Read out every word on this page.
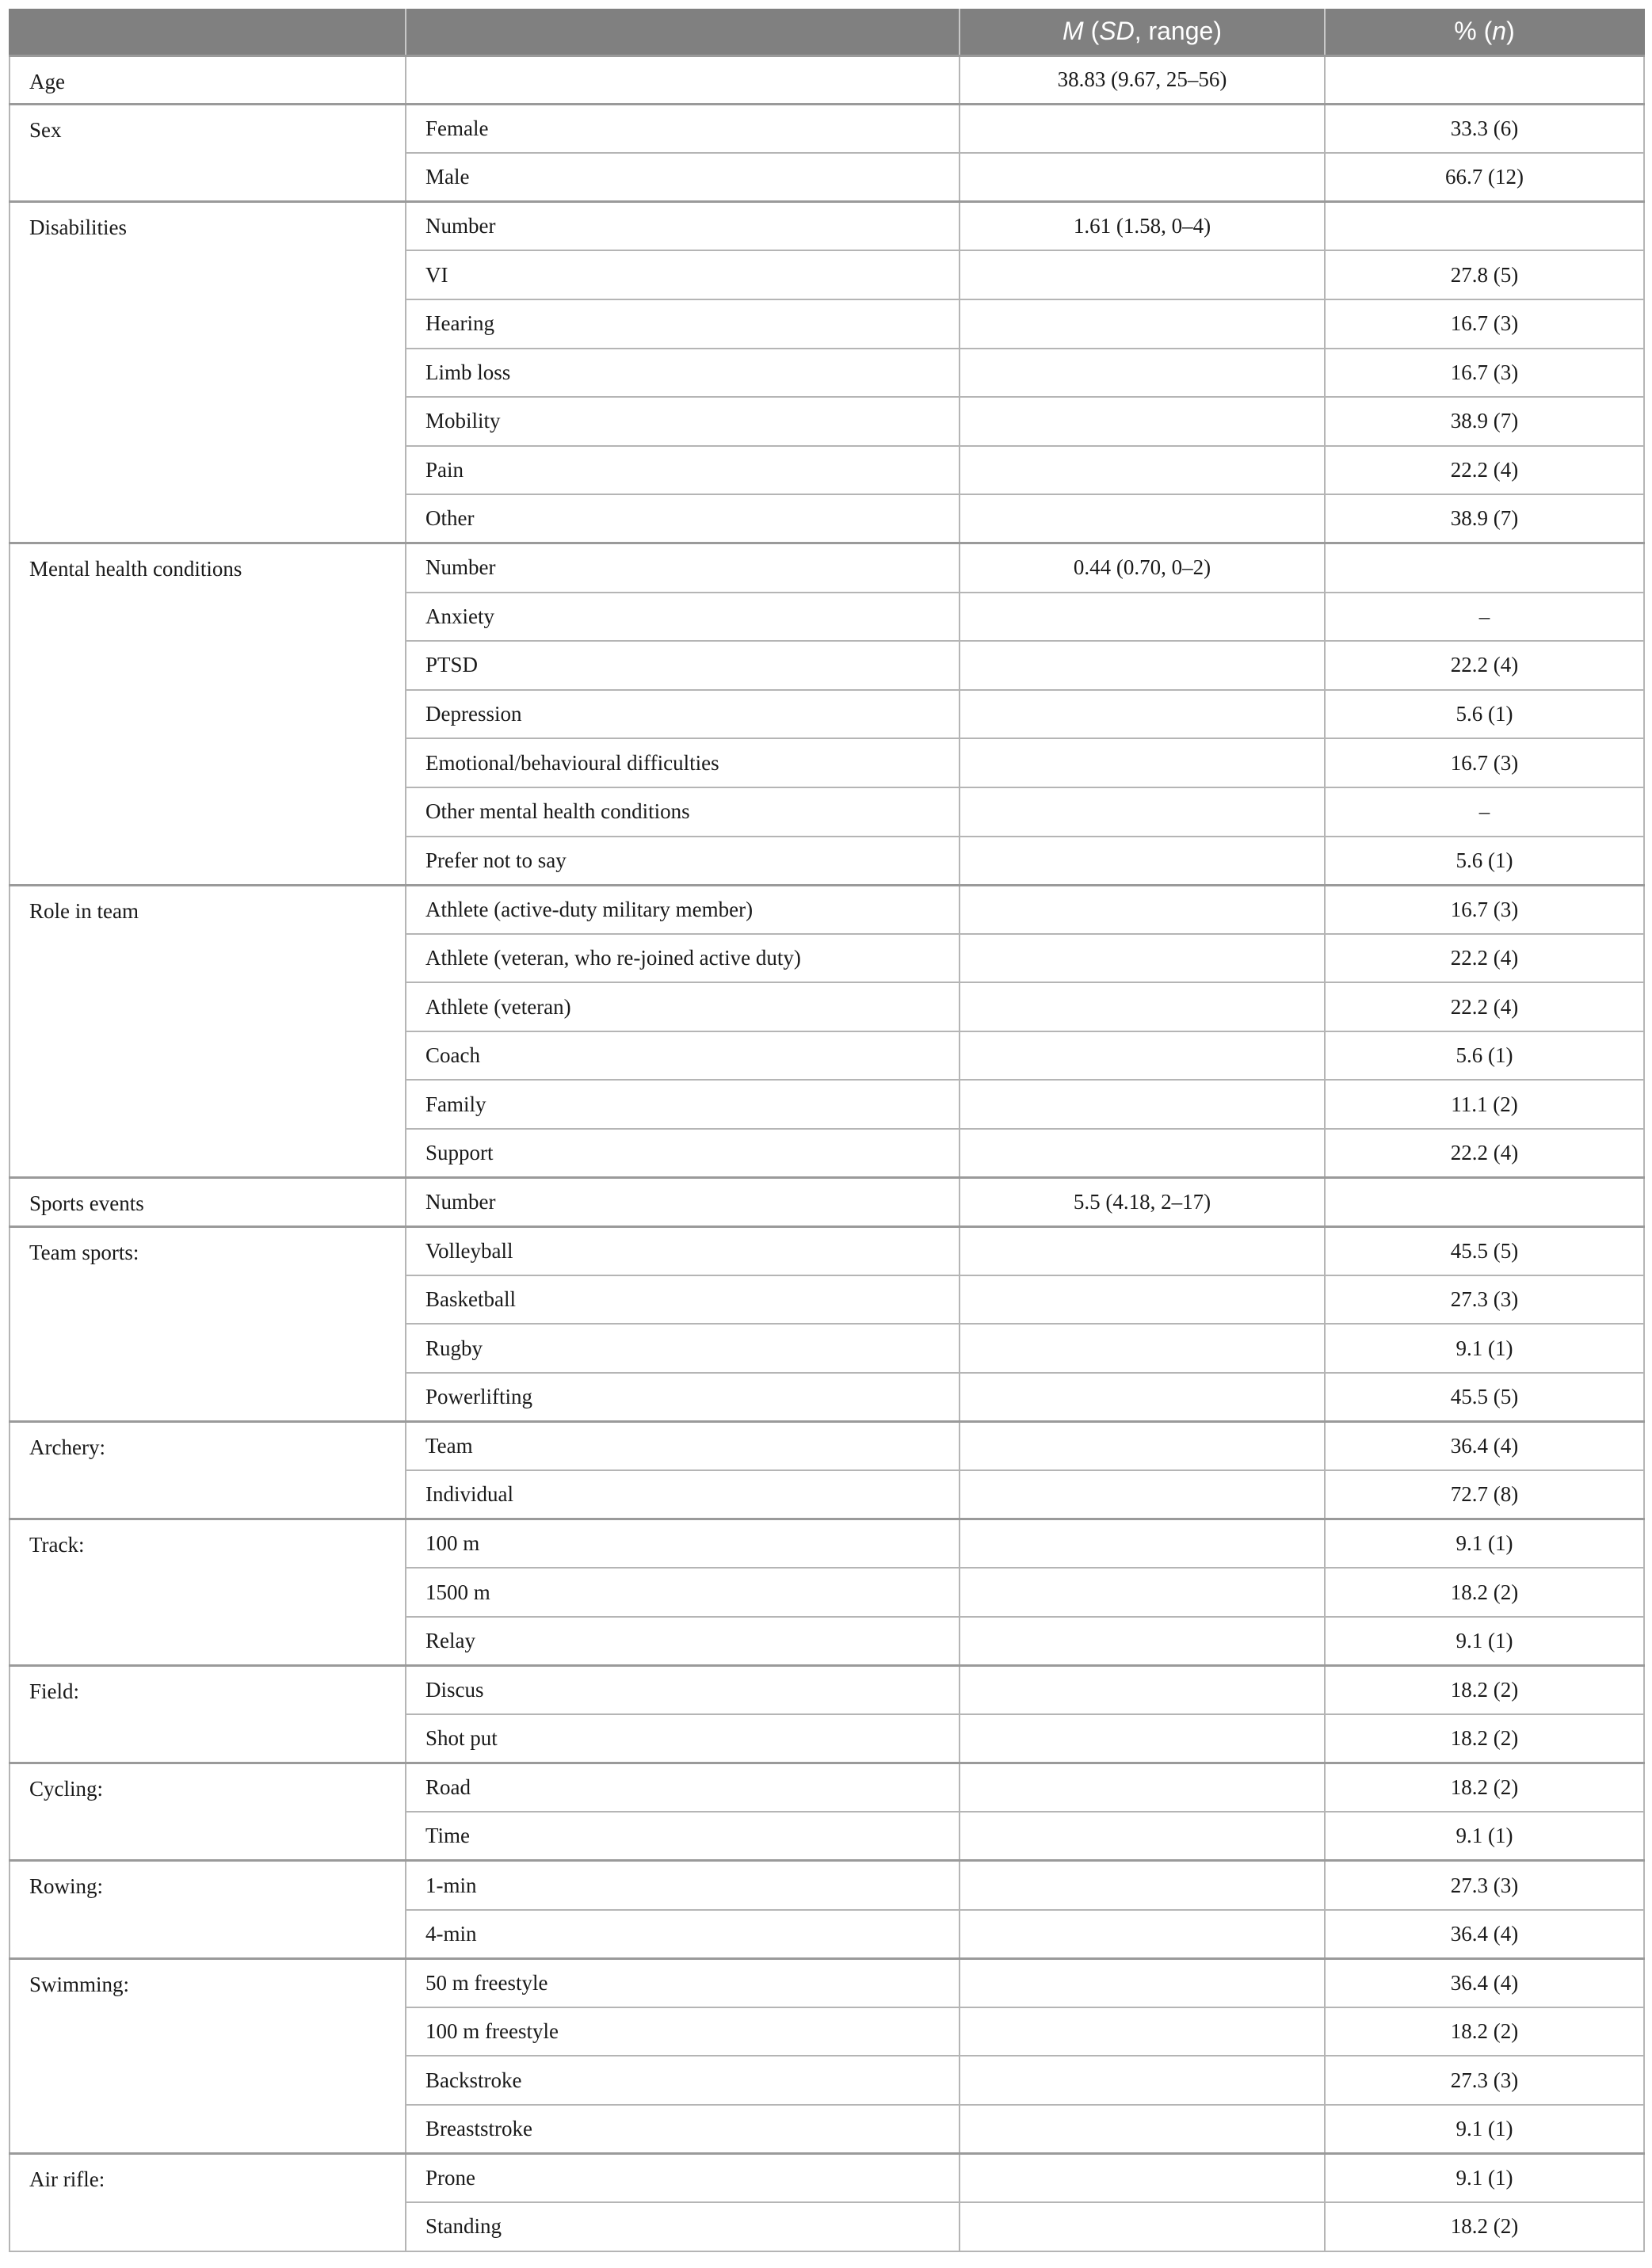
		M (SD, range)	% (n)
Age		38.83 (9.67, 25–56)	
Sex	Female		33.3 (6)
	Male		66.7 (12)
Disabilities	Number	1.61 (1.58, 0–4)	
	VI		27.8 (5)
	Hearing		16.7 (3)
	Limb loss		16.7 (3)
	Mobility		38.9 (7)
	Pain		22.2 (4)
	Other		38.9 (7)
Mental health conditions	Number	0.44 (0.70, 0–2)	
	Anxiety		–
	PTSD		22.2 (4)
	Depression		5.6 (1)
	Emotional/behavioural difficulties		16.7 (3)
	Other mental health conditions		–
	Prefer not to say		5.6 (1)
Role in team	Athlete (active-duty military member)		16.7 (3)
	Athlete (veteran, who re-joined active duty)		22.2 (4)
	Athlete (veteran)		22.2 (4)
	Coach		5.6 (1)
	Family		11.1 (2)
	Support		22.2 (4)
Sports events	Number	5.5 (4.18, 2–17)	
Team sports:	Volleyball		45.5 (5)
	Basketball		27.3 (3)
	Rugby		9.1 (1)
	Powerlifting		45.5 (5)
Archery:	Team		36.4 (4)
	Individual		72.7 (8)
Track:	100 m		9.1 (1)
	1500 m		18.2 (2)
	Relay		9.1 (1)
Field:	Discus		18.2 (2)
	Shot put		18.2 (2)
Cycling:	Road		18.2 (2)
	Time		9.1 (1)
Rowing:	1-min		27.3 (3)
	4-min		36.4 (4)
Swimming:	50 m freestyle		36.4 (4)
	100 m freestyle		18.2 (2)
	Backstroke		27.3 (3)
	Breaststroke		9.1 (1)
Air rifle:	Prone		9.1 (1)
	Standing		18.2 (2)
